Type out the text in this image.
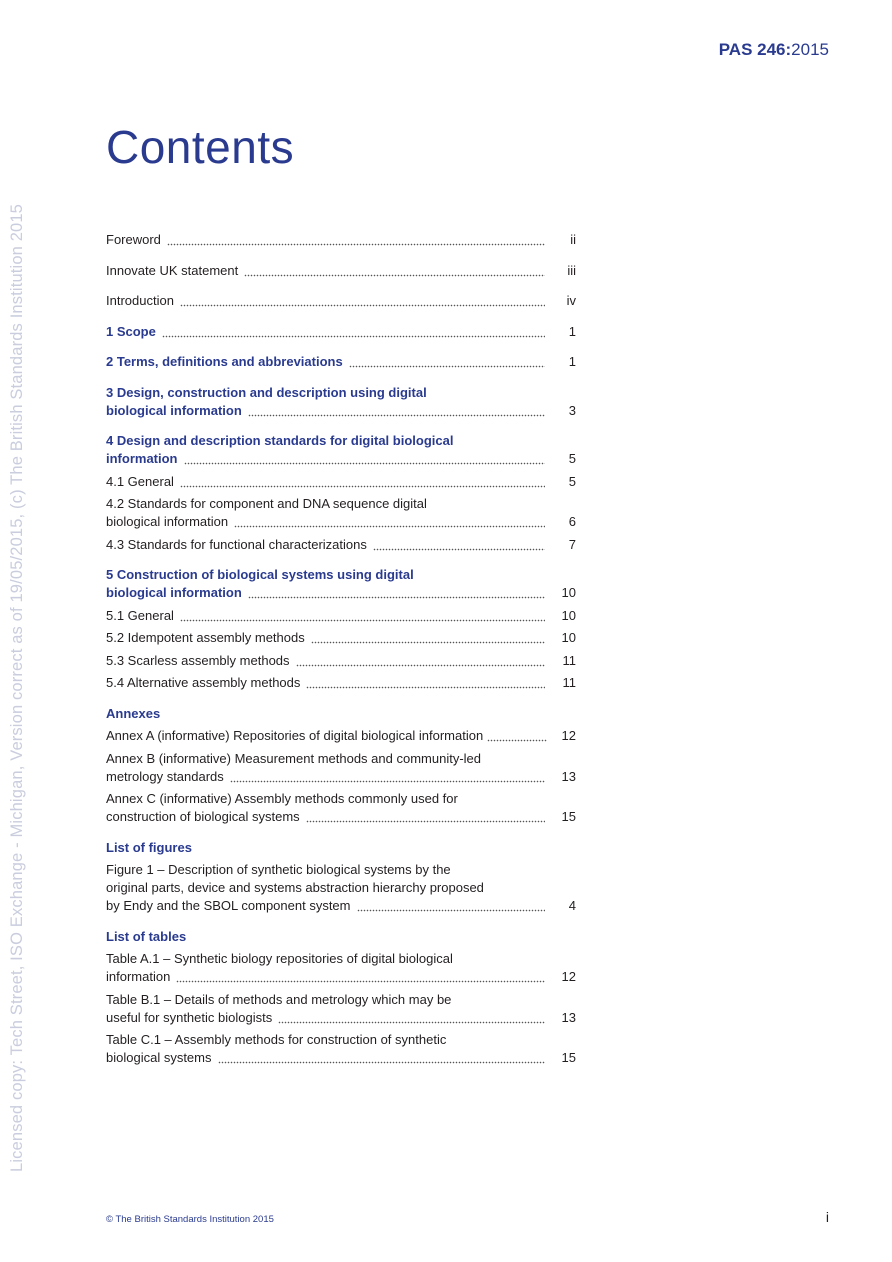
PAS 246:2015
Licensed copy: Tech Street, ISO Exchange - Michigan, Version correct as of 19/05/2015, (c) The British Standards Institution 2015
Contents
Foreword	ii
Innovate UK statement	iii
Introduction	iv
1 Scope	1
2 Terms, definitions and abbreviations	1
3 Design, construction and description using digital
biological information	3
4 Design and description standards for digital biological
information	5
4.1 General	5
4.2 Standards for component and DNA sequence digital
biological information	6
4.3 Standards for functional characterizations	7
5 Construction of biological systems using digital
biological information	10
5.1 General	10
5.2 Idempotent assembly methods	10
5.3 Scarless assembly methods	11
5.4 Alternative assembly methods	11
Annexes
Annex A (informative) Repositories of digital biological information	12
Annex B (informative) Measurement methods and community-led
metrology standards	13
Annex C (informative) Assembly methods commonly used for
construction of biological systems	15
List of figures
Figure 1 – Description of synthetic biological systems by the
original parts, device and systems abstraction hierarchy proposed
by Endy and the SBOL component system	4
List of tables
Table A.1 – Synthetic biology repositories of digital biological
information	12
Table B.1 – Details of methods and metrology which may be
useful for synthetic biologists	13
Table C.1 – Assembly methods for construction of synthetic
biological systems	15
© The British Standards Institution 2015	i
